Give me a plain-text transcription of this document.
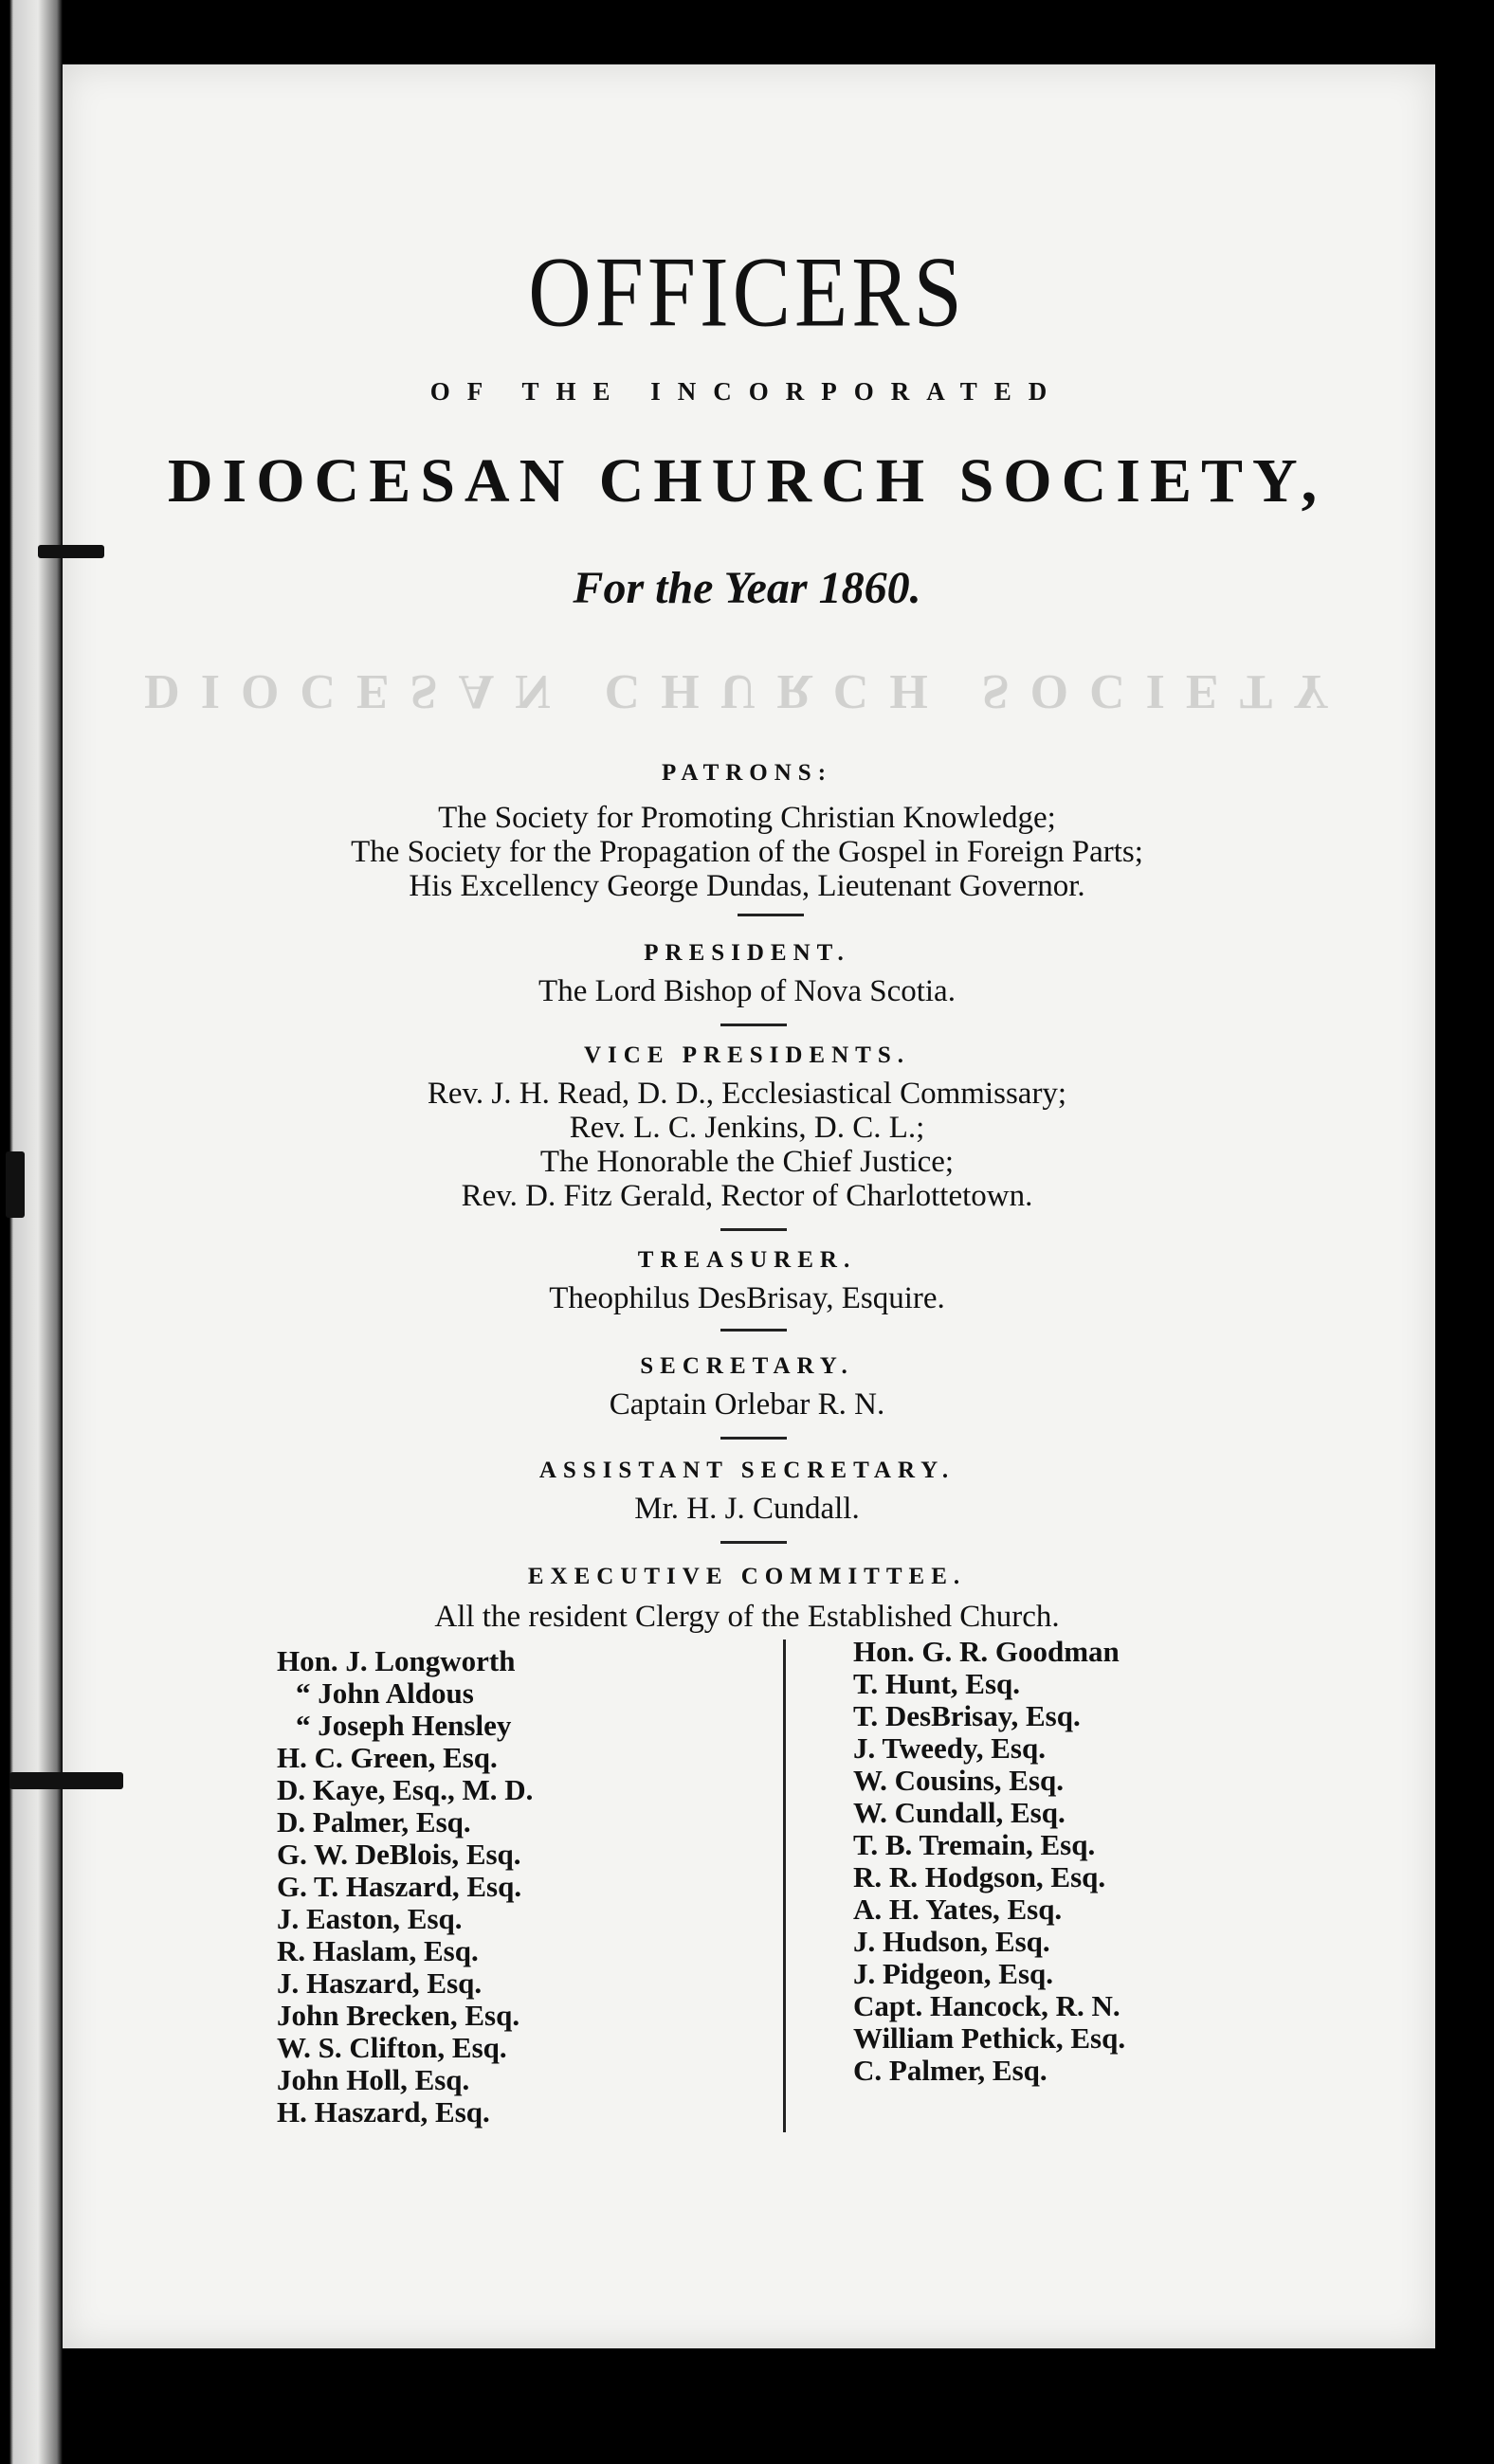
OFFICERS
OF THE INCORPORATED
DIOCESAN CHURCH SOCIETY,
For the Year 1860.
DIOCESAN CHURCH SOCIETY
PATRONS:
The Society for Promoting Christian Knowledge;
The Society for the Propagation of the Gospel in Foreign Parts;
His Excellency George Dundas, Lieutenant Governor.
PRESIDENT.
The Lord Bishop of Nova Scotia.
VICE PRESIDENTS.
Rev. J. H. Read, D. D., Ecclesiastical Commissary;
Rev. L. C. Jenkins, D. C. L.;
The Honorable the Chief Justice;
Rev. D. Fitz Gerald, Rector of Charlottetown.
TREASURER.
Theophilus DesBrisay, Esquire.
SECRETARY.
Captain Orlebar R. N.
ASSISTANT SECRETARY.
Mr. H. J. Cundall.
EXECUTIVE COMMITTEE.
All the resident Clergy of the Established Church.
Hon. J. Longworth
“ John Aldous
“ Joseph Hensley
H. C. Green, Esq.
D. Kaye, Esq., M. D.
D. Palmer, Esq.
G. W. DeBlois, Esq.
G. T. Haszard, Esq.
J. Easton, Esq.
R. Haslam, Esq.
J. Haszard, Esq.
John Brecken, Esq.
W. S. Clifton, Esq.
John Holl, Esq.
H. Haszard, Esq.
Hon. G. R. Goodman
T. Hunt, Esq.
T. DesBrisay, Esq.
J. Tweedy, Esq.
W. Cousins, Esq.
W. Cundall, Esq.
T. B. Tremain, Esq.
R. R. Hodgson, Esq.
A. H. Yates, Esq.
J. Hudson, Esq.
J. Pidgeon, Esq.
Capt. Hancock, R. N.
William Pethick, Esq.
C. Palmer, Esq.
